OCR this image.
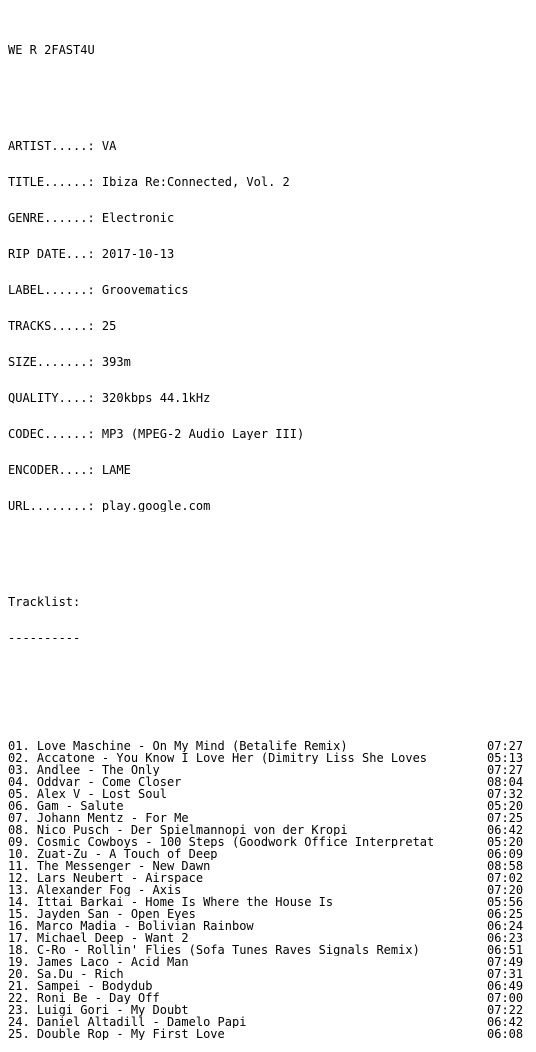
WE R 2FAST4U

ARTIST.....: VA

TITLE......: Ibiza Re:Connected, Vol. 2

GENRE......: Electronic

RIP DATE...: 2017-10-13

LABEL......: Groovematics

TRACKS.....: 25

SIZE.......: 393m

QUALITY....: 320kbps 44.1kHz

CODEC......: MP3 (MPEG-2 Audio Layer III)

ENCODER....: LAME

URL........: play.google.com

Tracklist:

----------

01. Love Maschine - On My Mind (Betalife Remix)	07:27
02. Accatone - You Know I Love Her (Dimitry Liss She Loves	05:13
03. Andlee - The Only	07:27
04. Oddvar - Come Closer	08:04
05. Alex V - Lost Soul	07:32
06. Gam - Salute	05:20
07. Johann Mentz - For Me	07:25
08. Nico Pusch - Der Spielmannopi von der Kropi	06:42
09. Cosmic Cowboys - 100 Steps (Goodwork Office Interpretat	05:20
10. Zuat-Zu - A Touch of Deep	06:09
11. The Messenger - New Dawn	08:58
12. Lars Neubert - Airspace	07:02
13. Alexander Fog - Axis	07:20
14. Ittai Barkai - Home Is Where the House Is	05:56
15. Jayden San - Open Eyes	06:25
16. Marco Madia - Bolivian Rainbow	06:24
17. Michael Deep - Want 2	06:23
18. C-Ro - Rollin' Flies (Sofa Tunes Raves Signals Remix)	06:51
19. James Laco - Acid Man	07:49
20. Sa.Du - Rich	07:31
21. Sampei - Bodydub	06:49
22. Roni Be - Day Off	07:00
23. Luigi Gori - My Doubt	07:22
24. Daniel Altadill - Damelo Papi	06:42
25. Double Rop - My First Love	06:08
